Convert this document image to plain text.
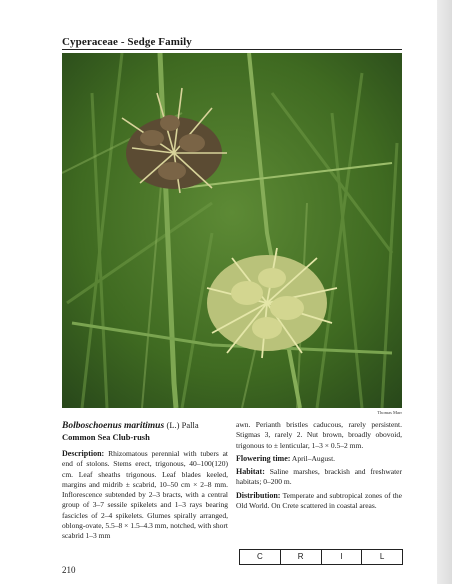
Cyperaceae - Sedge Family
Thomas Marr
Bolboschoenus maritimus (L.) Palla
Common Sea Club-rush

Description: Rhizomatous perennial with tubers at end of stolons. Stems erect, trigonous, 40–100(120) cm. Leaf sheaths trigonous. Leaf blades keeled, margins and midrib ± scabrid, 10–50 cm × 2–8 mm. Inflorescence subtended by 2–3 bracts, with a central group of 3–7 sessile spikelets and 1–3 rays bearing fascicles of 2–4 spikelets. Glumes spirally arranged, oblong-ovate, 5.5–8 × 1.5–4.3 mm, notched, with short scabrid 1–3 mm

awn. Perianth bristles caducous, rarely persistent. Stigmas 3, rarely 2. Nut brown, broadly obovoid, trigonous to ± lenticular, 1–3 × 0.5–2 mm.

Flowering time: April–August.

Habitat: Saline marshes, brackish and freshwater habitats; 0–200 m.

Distribution: Temperate and subtropical zones of the Old World. On Crete scattered in coastal areas.

C	R	I	L
210
